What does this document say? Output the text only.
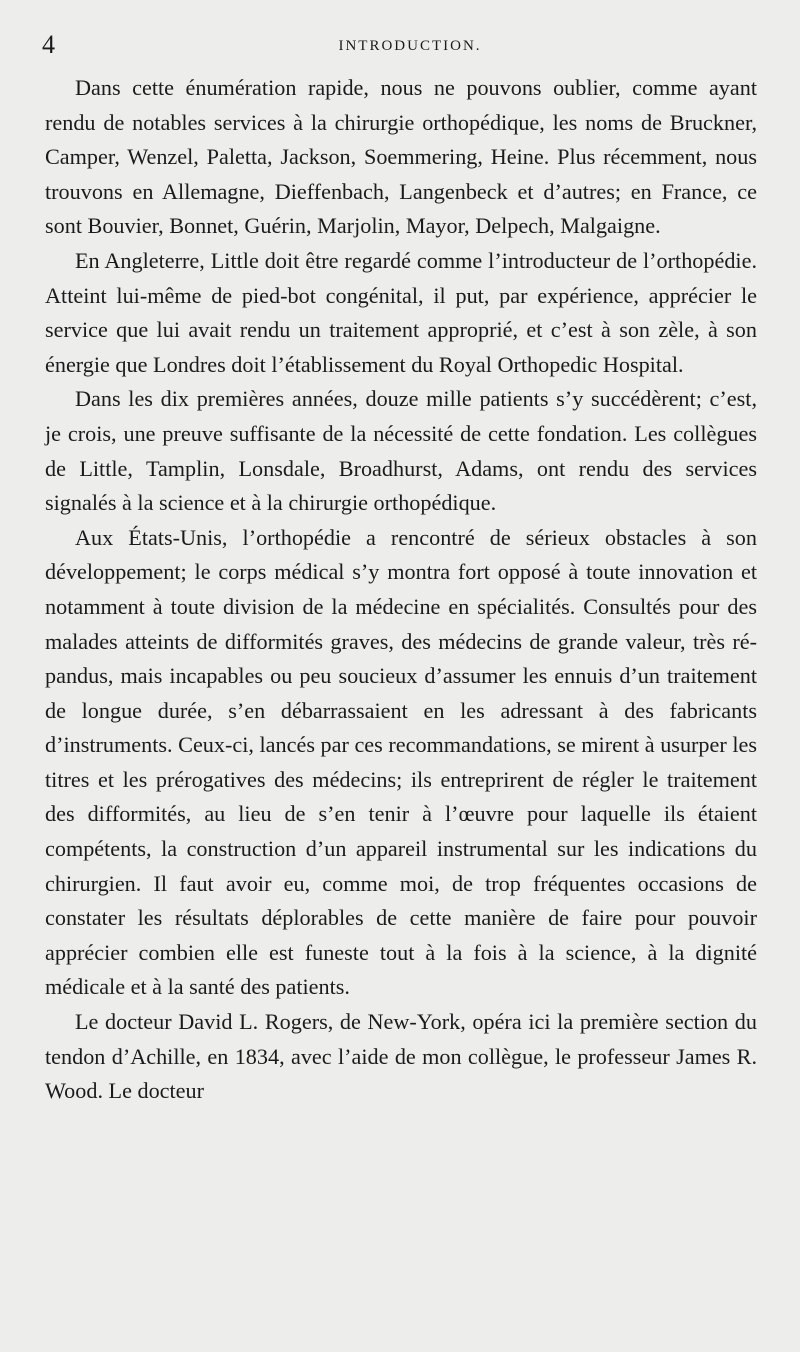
4	INTRODUCTION.

Dans cette énumération rapide, nous ne pouvons oublier, comme ayant rendu de notables services à la chirurgie orthopédique, les noms de Bruckner, Camper, Wenzel, Paletta, Jackson, Soemmering, Heine. Plus récemment, nous trouvons en Allemagne, Dieffenbach, Langenbeck et d’autres; en France, ce sont Bouvier, Bonnet, Guérin, Marjolin, Mayor, Delpech, Malgaigne.

En Angleterre, Little doit être regardé comme l’introducteur de l’orthopédie. Atteint lui-même de pied-bot congénital, il put, par expérience, apprécier le service que lui avait rendu un traitement approprié, et c’est à son zèle, à son énergie que Londres doit l’établissement du Royal Orthopedic Hospital.

Dans les dix premières années, douze mille patients s’y succédèrent; c’est, je crois, une preuve suffisante de la nécessité de cette fondation. Les collègues de Little, Tamplin, Lonsdale, Broadhurst, Adams, ont rendu des services signalés à la science et à la chirurgie orthopédique.

Aux États-Unis, l’orthopédie a rencontré de sérieux obstacles à son développement; le corps médical s’y montra fort opposé à toute innovation et notamment à toute division de la médecine en spécialités. Consultés pour des malades atteints de difformités graves, des médecins de grande valeur, très répandus, mais incapables ou peu soucieux d’assumer les ennuis d’un traitement de longue durée, s’en débarrassaient en les adressant à des fabricants d’instruments. Ceux-ci, lancés par ces recommandations, se mirent à usurper les titres et les prérogatives des médecins; ils entreprirent de régler le traitement des difformités, au lieu de s’en tenir à l’œuvre pour laquelle ils étaient compétents, la construction d’un appareil instrumental sur les indications du chirurgien. Il faut avoir eu, comme moi, de trop fréquentes occasions de constater les résultats déplorables de cette manière de faire pour pouvoir apprécier combien elle est funeste tout à la fois à la science, à la dignité médicale et à la santé des patients.

Le docteur David L. Rogers, de New-York, opéra ici la première section du tendon d’Achille, en 1834, avec l’aide de mon collègue, le professeur James R. Wood. Le docteur
